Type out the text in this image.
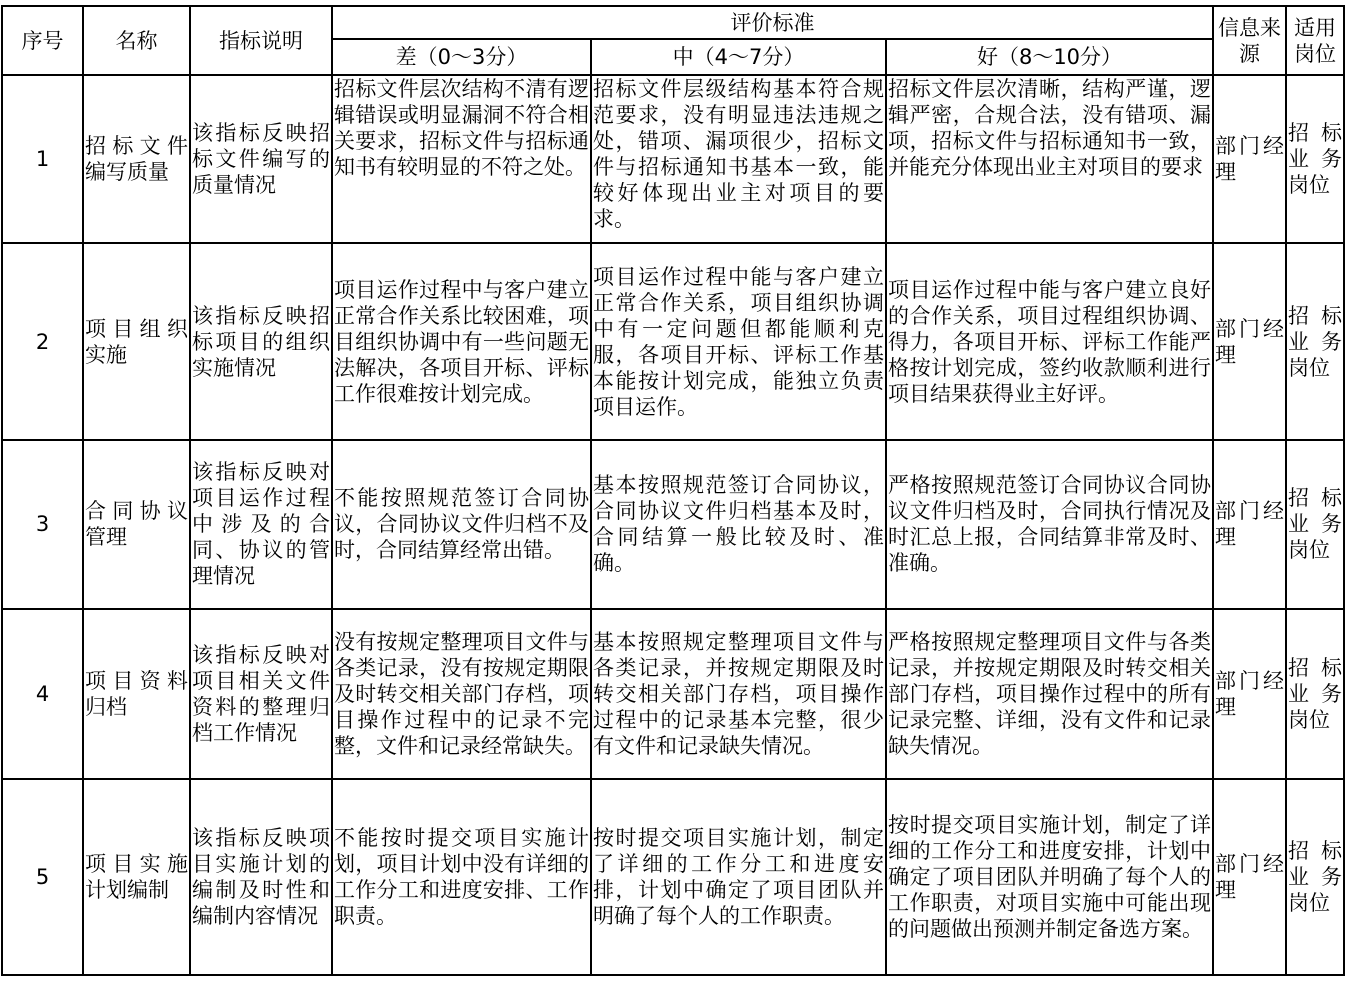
序号	名称	指标说明	评价标准			信息来源	适用岗位
			差（0～3分）	中（4～7分）	好（8～10分）		
1	招标文件编写质量	该指标反映招标文件编写的质量情况	招标文件层次结构不清有逻辑错误或明显漏洞不符合相关要求，招标文件与招标通知书有较明显的不符之处。	招标文件层级结构基本符合规范要求，没有明显违法违规之处，错项、漏项很少，招标文件与招标通知书基本一致，能较好体现出业主对项目的要求。	招标文件层次清晰，结构严谨，逻辑严密，合规合法，没有错项、漏项，招标文件与招标通知书一致，并能充分体现出业主对项目的要求	部门经理	招标业务岗位
2	项目组织实施	该指标反映招标项目的组织实施情况	项目运作过程中与客户建立正常合作关系比较困难，项目组织协调中有一些问题无法解决，各项目开标、评标工作很难按计划完成。	项目运作过程中能与客户建立正常合作关系，项目组织协调中有一定问题但都能顺利克服，各项目开标、评标工作基本能按计划完成，能独立负责项目运作。	项目运作过程中能与客户建立良好的合作关系，项目过程组织协调、得力，各项目开标、评标工作能严格按计划完成，签约收款顺利进行项目结果获得业主好评。	部门经理	招标业务岗位
3	合同协议管理	该指标反映对项目运作过程中涉及的合同、协议的管理情况	不能按照规范签订合同协议，合同协议文件归档不及时，合同结算经常出错。	基本按照规范签订合同协议，合同协议文件归档基本及时，合同结算一般比较及时、准确。	严格按照规范签订合同协议合同协议文件归档及时，合同执行情况及时汇总上报，合同结算非常及时、准确。	部门经理	招标业务岗位
4	项目资料归档	该指标反映对项目相关文件资料的整理归档工作情况	没有按规定整理项目文件与各类记录，没有按规定期限及时转交相关部门存档，项目操作过程中的记录不完整，文件和记录经常缺失。	基本按照规定整理项目文件与各类记录，并按规定期限及时转交相关部门存档，项目操作过程中的记录基本完整，很少有文件和记录缺失情况。	严格按照规定整理项目文件与各类记录，并按规定期限及时转交相关部门存档，项目操作过程中的所有记录完整、详细，没有文件和记录缺失情况。	部门经理	招标业务岗位
5	项目实施计划编制	该指标反映项目实施计划的编制及时性和编制内容情况	不能按时提交项目实施计划，项目计划中没有详细的工作分工和进度安排、工作职责。	按时提交项目实施计划，制定了详细的工作分工和进度安排，计划中确定了项目团队并明确了每个人的工作职责。	按时提交项目实施计划，制定了详细的工作分工和进度安排，计划中确定了项目团队并明确了每个人的工作职责，对项目实施中可能出现的问题做出预测并制定备选方案。	部门经理	招标业务岗位
